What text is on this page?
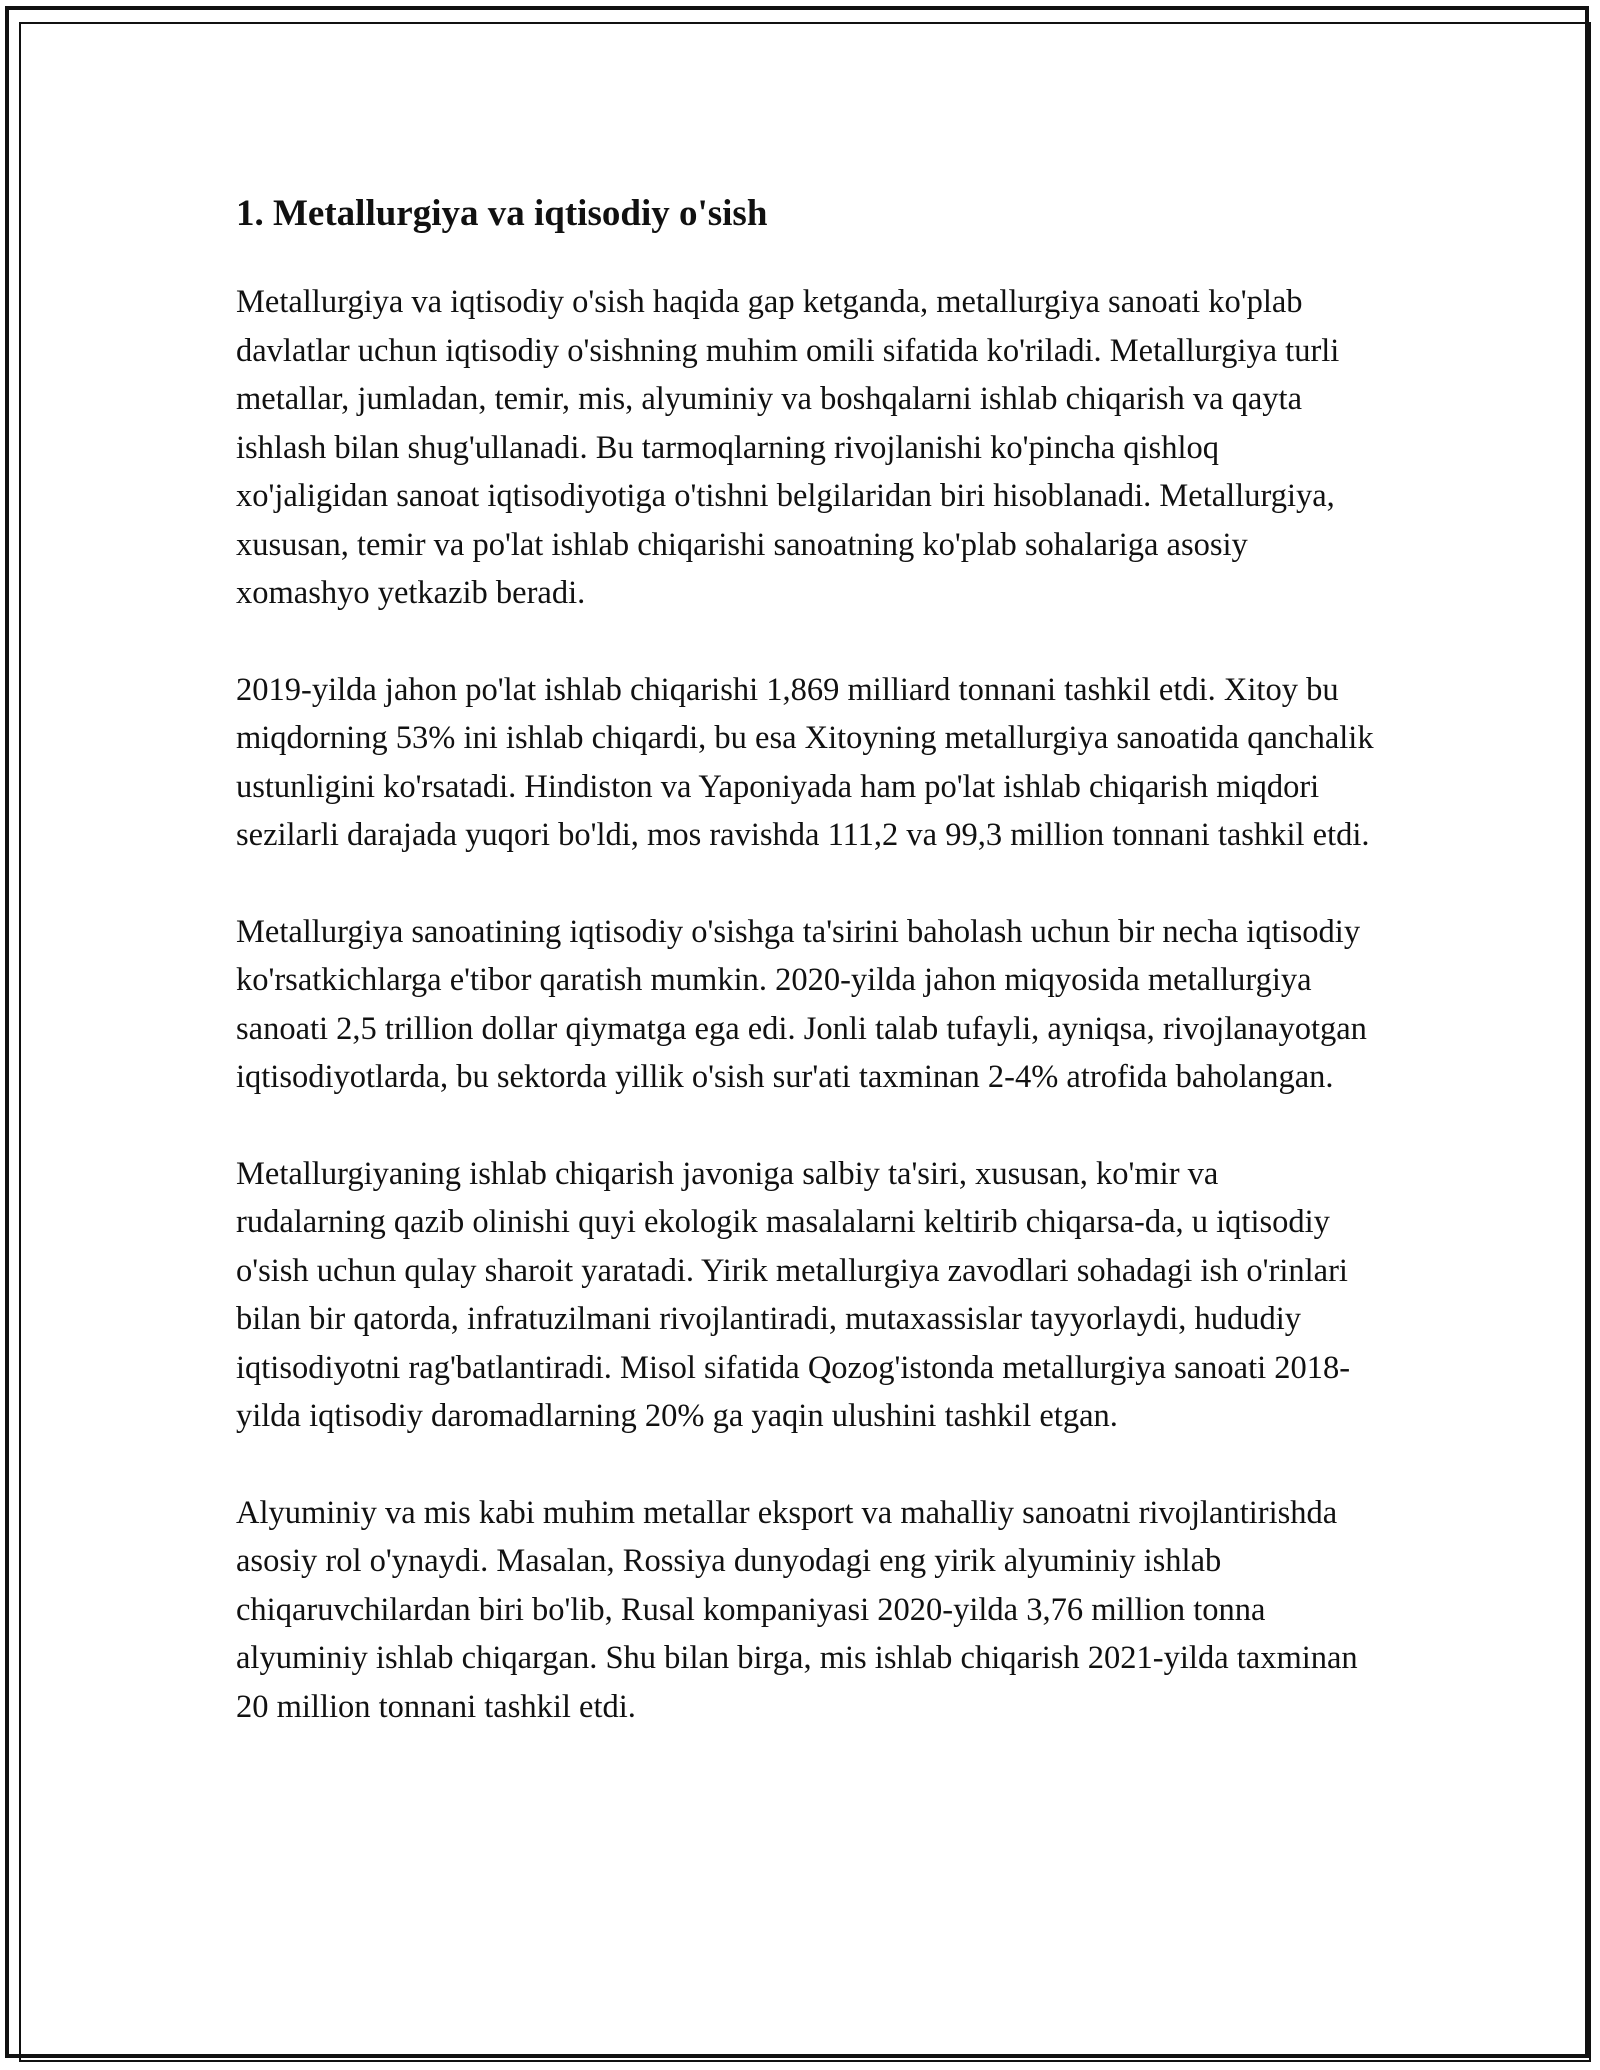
1. Metallurgiya va iqtisodiy o'sish

Metallurgiya va iqtisodiy o'sish haqida gap ketganda, metallurgiya sanoati ko'plab davlatlar uchun iqtisodiy o'sishning muhim omili sifatida ko'riladi. Metallurgiya turli metallar, jumladan, temir, mis, alyuminiy va boshqalarni ishlab chiqarish va qayta ishlash bilan shug'ullanadi. Bu tarmoqlarning rivojlanishi ko'pincha qishloq xo'jaligidan sanoat iqtisodiyotiga o'tishni belgilaridan biri hisoblanadi. Metallurgiya, xususan, temir va po'lat ishlab chiqarishi sanoatning ko'plab sohalariga asosiy xomashyo yetkazib beradi.

2019-yilda jahon po'lat ishlab chiqarishi 1,869 milliard tonnani tashkil etdi. Xitoy bu miqdorning 53% ini ishlab chiqardi, bu esa Xitoyning metallurgiya sanoatida qanchalik ustunligini ko'rsatadi. Hindiston va Yaponiyada ham po'lat ishlab chiqarish miqdori sezilarli darajada yuqori bo'ldi, mos ravishda 111,2 va 99,3 million tonnani tashkil etdi.

Metallurgiya sanoatining iqtisodiy o'sishga ta'sirini baholash uchun bir necha iqtisodiy ko'rsatkichlarga e'tibor qaratish mumkin. 2020-yilda jahon miqyosida metallurgiya sanoati 2,5 trillion dollar qiymatga ega edi. Jonli talab tufayli, ayniqsa, rivojlanayotgan iqtisodiyotlarda, bu sektorda yillik o'sish sur'ati taxminan 2-4% atrofida baholangan.

Metallurgiyaning ishlab chiqarish javoniga salbiy ta'siri, xususan, ko'mir va rudalarning qazib olinishi quyi ekologik masalalarni keltirib chiqarsa-da, u iqtisodiy o'sish uchun qulay sharoit yaratadi. Yirik metallurgiya zavodlari sohadagi ish o'rinlari bilan bir qatorda, infratuzilmani rivojlantiradi, mutaxassislar tayyorlaydi, hududiy iqtisodiyotni rag'batlantiradi. Misol sifatida Qozog'istonda metallurgiya sanoati 2018-yilda iqtisodiy daromadlarning 20% ga yaqin ulushini tashkil etgan.

Alyuminiy va mis kabi muhim metallar eksport va mahalliy sanoatni rivojlantirishda asosiy rol o'ynaydi. Masalan, Rossiya dunyodagi eng yirik alyuminiy ishlab chiqaruvchilardan biri bo'lib, Rusal kompaniyasi 2020-yilda 3,76 million tonna alyuminiy ishlab chiqargan. Shu bilan birga, mis ishlab chiqarish 2021-yilda taxminan 20 million tonnani tashkil etdi.
